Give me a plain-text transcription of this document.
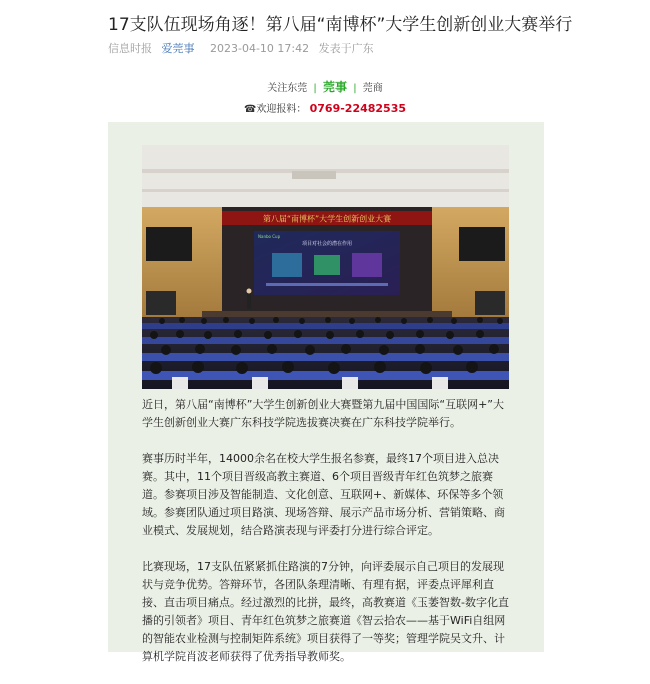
17支队伍现场角逐！第八届“南博杯”大学生创新创业大赛举行
信息时报 爱莞事 2023-04-10 17:42 发表于广东
关注东莞 | 莞事 | 莞商
☎欢迎报料： 0769-22482535
第八届“南博杯”大学生创新创业大赛
Nanbo Cup
项目对社会的潜在作用

近日，第八届“南博杯”大学生创新创业大赛暨第九届中国国际“互联网+”大学生创新创业大赛广东科技学院选拔赛决赛在广东科技学院举行。

赛事历时半年，14000余名在校大学生报名参赛，最终17个项目进入总决赛。其中，11个项目晋级高教主赛道、6个项目晋级青年红色筑梦之旅赛道。参赛项目涉及智能制造、文化创意、互联网+、新媒体、环保等多个领域。参赛团队通过项目路演、现场答辩、展示产品市场分析、营销策略、商业模式、发展规划，结合路演表现与评委打分进行综合评定。

比赛现场，17支队伍紧紧抓住路演的7分钟，向评委展示自己项目的发展现状与竞争优势。答辩环节，各团队条理清晰、有理有据，评委点评犀利直接、直击项目痛点。经过激烈的比拼，最终，高教赛道《玉萎智数-数字化直播的引领者》项目、青年红色筑梦之旅赛道《智云拾农——基于WiFi自组网的智能农业检测与控制矩阵系统》项目获得了一等奖；管理学院吴文升、计算机学院肖波老师获得了优秀指导教师奖。
